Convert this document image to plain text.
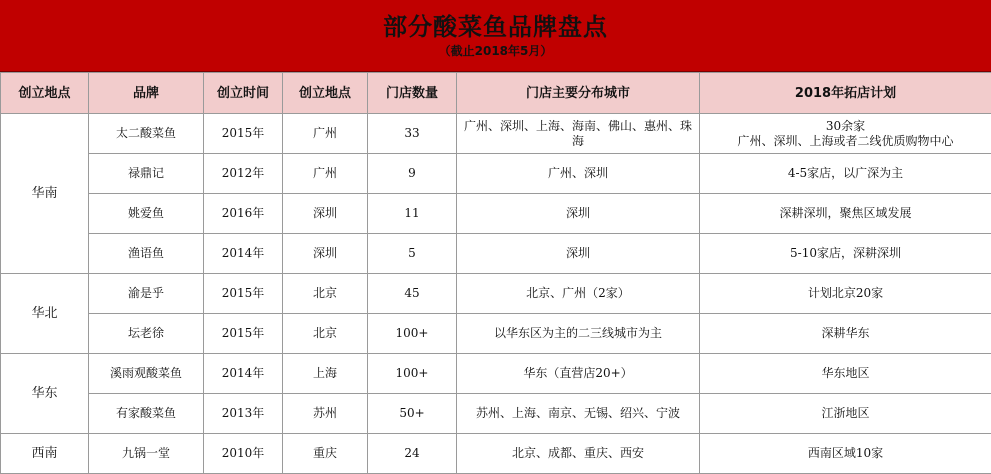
部分酸菜鱼品牌盘点
（截止2018年5月）
创立地点	品牌	创立时间	创立地点	门店数量	门店主要分布城市	2018年拓店计划
华南	太二酸菜鱼	2015年	广州	33	广州、深圳、上海、海南、佛山、惠州、珠海	30余家
广州、深圳、上海或者二线优质购物中心
	禄鼎记	2012年	广州	9	广州、深圳	4-5家店，以广深为主
	姚爱鱼	2016年	深圳	11	深圳	深耕深圳，聚焦区域发展
	渔语鱼	2014年	深圳	5	深圳	5-10家店，深耕深圳
华北	渝是乎	2015年	北京	45	北京、广州（2家）	计划北京20家
	坛老徐	2015年	北京	100+	以华东区为主的二三线城市为主	深耕华东
华东	溪雨观酸菜鱼	2014年	上海	100+	华东（直营店20+）	华东地区
	有家酸菜鱼	2013年	苏州	50+	苏州、上海、南京、无锡、绍兴、宁波	江浙地区
西南	九锅一堂	2010年	重庆	24	北京、成都、重庆、西安	西南区域10家
